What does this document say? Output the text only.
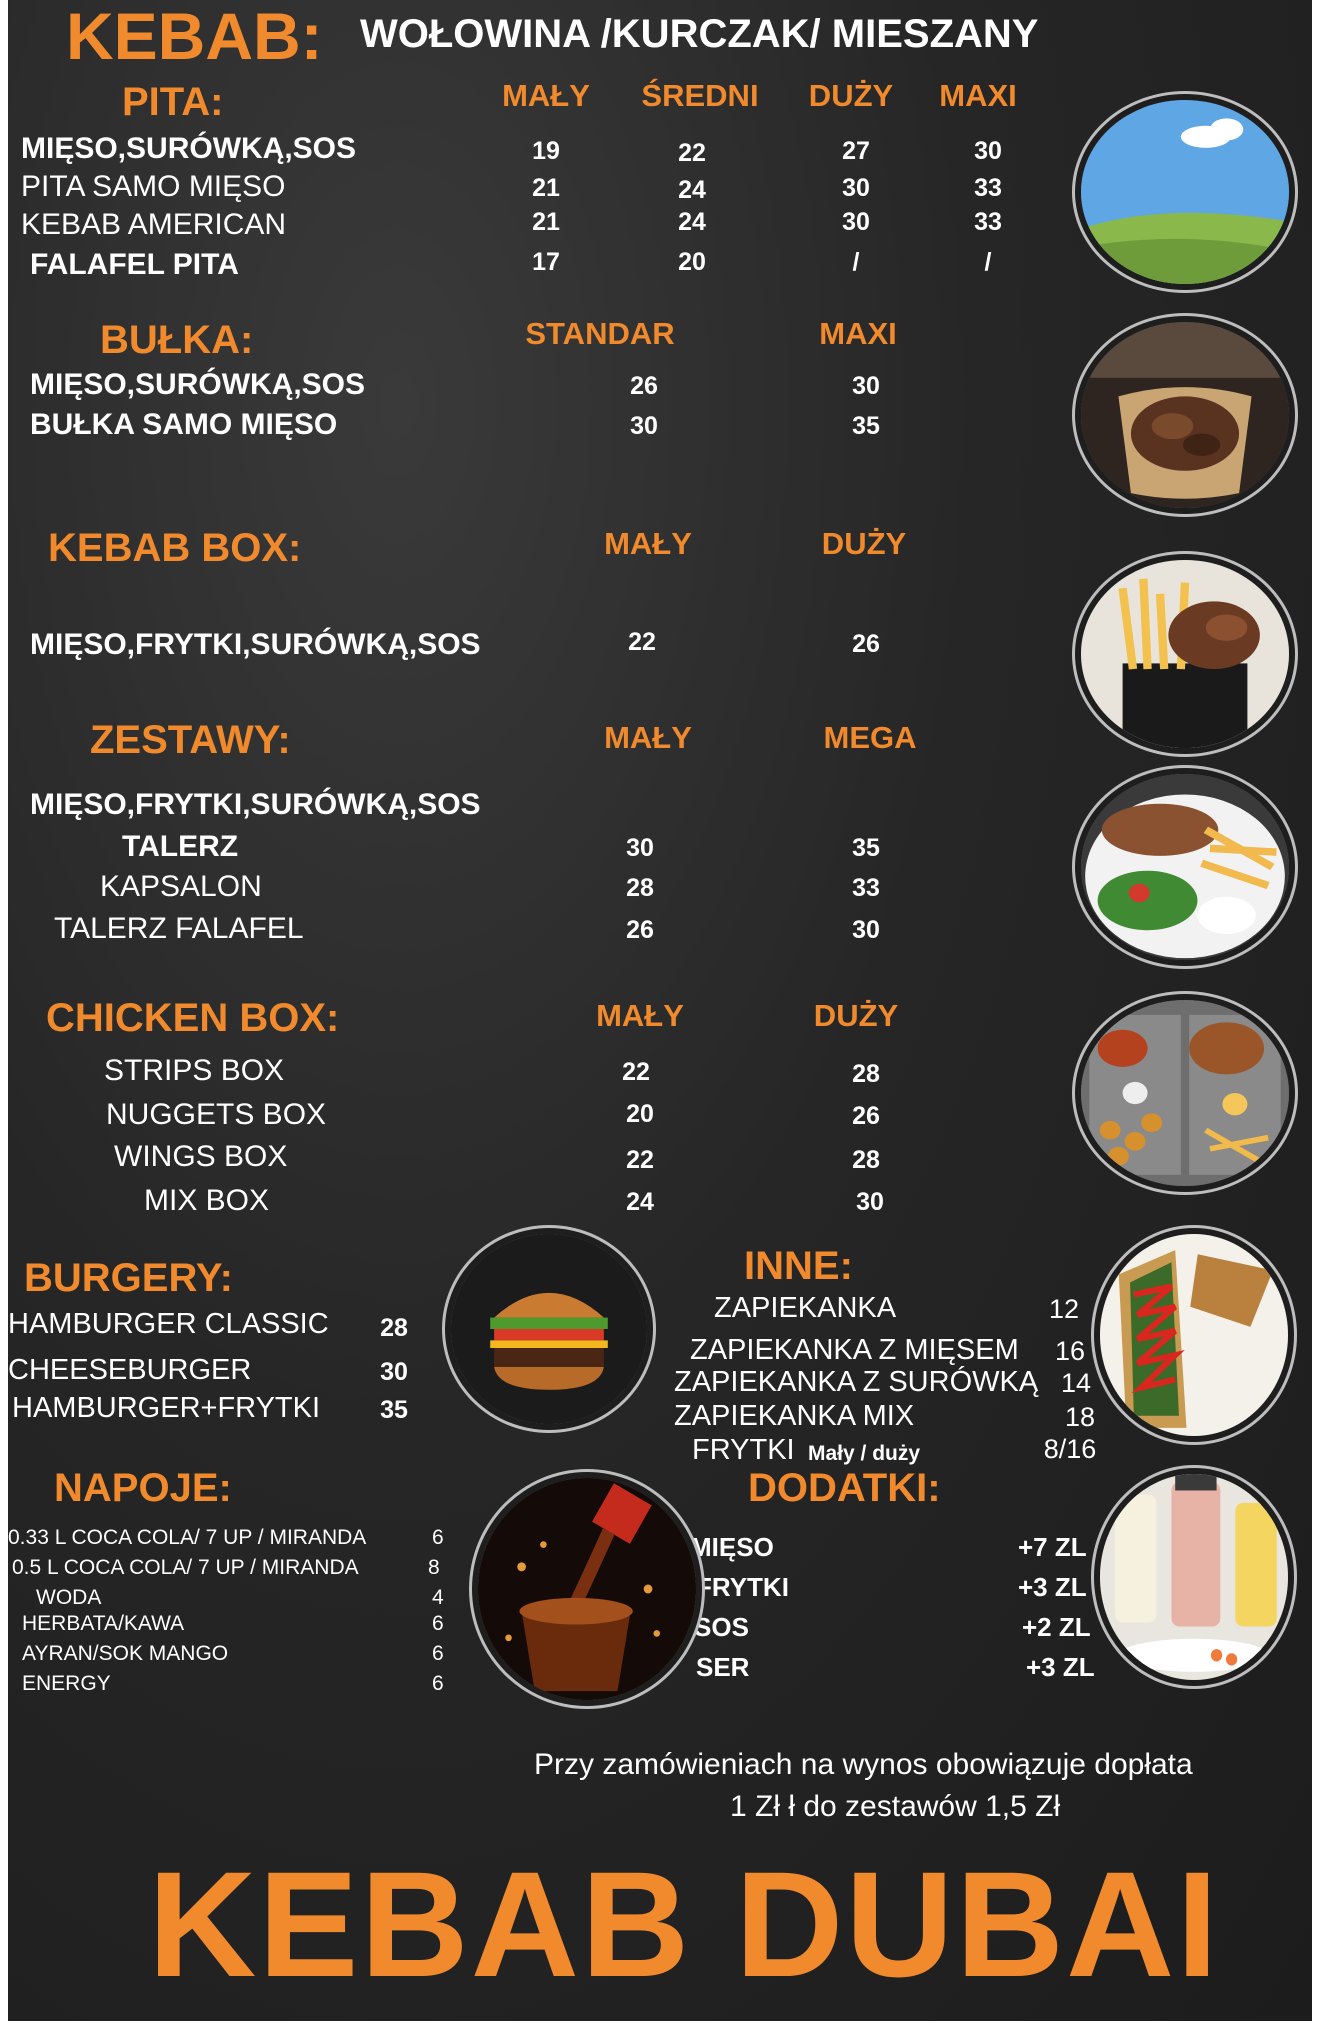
KEBAB: WOŁOWINA /KURCZAK/ MIESZANY
PITA:	MAŁY ŚREDNI DUŻY MAXI
MIĘSO,SURÓWKĄ,SOS	19	22	27	30
PITA SAMO MIĘSO	21	24	30	33
KEBAB AMERICAN	21	24	30	33
FALAFEL PITA	17	20	/	/
BUŁKA:	STANDAR	MAXI
MIĘSO,SURÓWKĄ,SOS	26	30
BUŁKA SAMO MIĘSO	30	35
KEBAB BOX:	MAŁY	DUŻY
MIĘSO,FRYTKI,SURÓWKĄ,SOS	22	26
ZESTAWY:	MAŁY	MEGA
MIĘSO,FRYTKI,SURÓWKĄ,SOS
TALERZ	30	35
KAPSALON	28	33
TALERZ FALAFEL	26	30
CHICKEN BOX:	MAŁY	DUŻY
STRIPS BOX	22	28
NUGGETS BOX	20	26
WINGS BOX	22	28
MIX BOX	24	30
BURGERY:
HAMBURGER CLASSIC 28
CHEESEBURGER	30
HAMBURGER+FRYTKI 35
INNE:
ZAPIEKANKA	12
ZAPIEKANKA Z MIĘSEM 16
ZAPIEKANKA Z SURÓWKĄ 14
ZAPIEKANKA MIX	18
FRYTKI Mały / duży	8/16
NAPOJE:
0.33 L COCA COLA/ 7 UP / MIRANDA	6
0.5 L COCA COLA/ 7 UP / MIRANDA	8
WODA	4
HERBATA/KAWA	6
AYRAN/SOK MANGO	6
ENERGY	6
DODATKI:
MIĘSO	+7 ZL
FRYTKI	+3 ZL
SOS	+2 ZL
SER	+3 ZL
Przy zamówieniach na wynos obowiązuje dopłata
1 Zł ł do zestawów 1,5 Zł
KEBAB DUBAI
